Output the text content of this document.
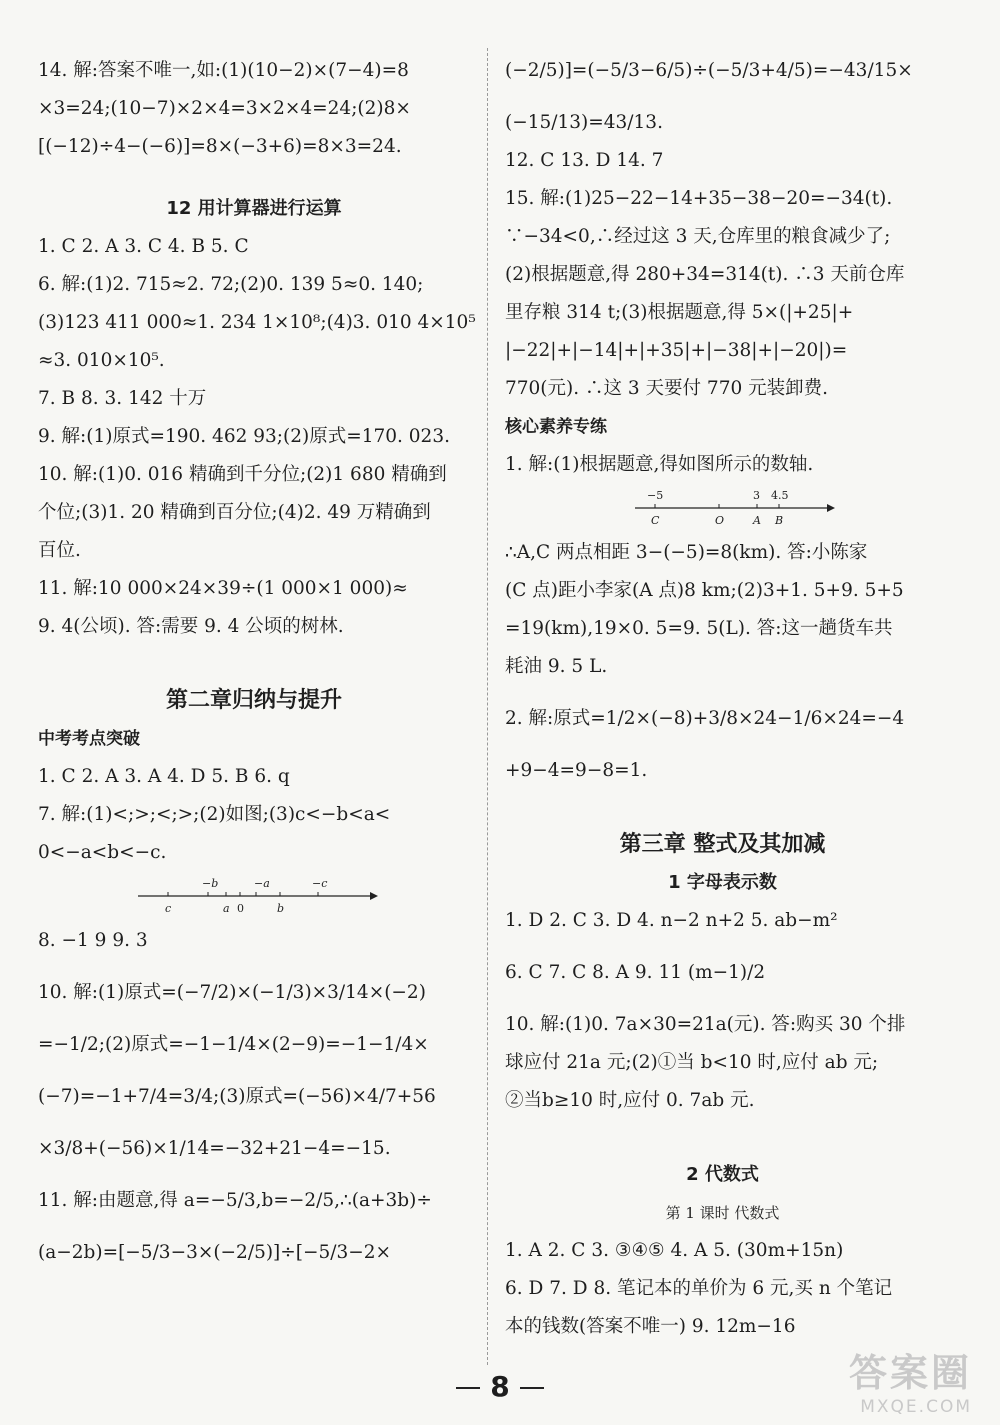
14. 解:答案不唯一,如:(1)(10−2)×(7−4)=8
×3=24;(10−7)×2×4=3×2×4=24;(2)8×
[(−12)÷4−(−6)]=8×(−3+6)=8×3=24.
12 用计算器进行运算
1. C 2. A 3. C 4. B 5. C
6. 解:(1)2. 715≈2. 72;(2)0. 139 5≈0. 140;
(3)123 411 000≈1. 234 1×10⁸;(4)3. 010 4×10⁵
≈3. 010×10⁵.
7. B 8. 3. 142 十万
9. 解:(1)原式=190. 462 93;(2)原式=170. 023.
10. 解:(1)0. 016 精确到千分位;(2)1 680 精确到
个位;(3)1. 20 精确到百分位;(4)2. 49 万精确到
百位.
11. 解:10 000×24×39÷(1 000×1 000)≈
9. 4(公顷). 答:需要 9. 4 公顷的树林.
第二章归纳与提升
中考考点突破
1. C 2. A 3. A 4. D 5. B 6. q
7. 解:(1)<;>;<;>;(2)如图;(3)c<−b<a<
0<−a<b<−c.
−b	−a	−c
c	a 0	b
8. −1 9 9. 3
10. 解:(1)原式=(−7/2)×(−1/3)×3/14×(−2)
=−1/2;(2)原式=−1−1/4×(2−9)=−1−1/4×
(−7)=−1+7/4=3/4;(3)原式=(−56)×4/7+56
×3/8+(−56)×1/14=−32+21−4=−15.
11. 解:由题意,得 a=−5/3,b=−2/5,∴(a+3b)÷
(a−2b)=[−5/3−3×(−2/5)]÷[−5/3−2×
(−2/5)]=(−5/3−6/5)÷(−5/3+4/5)=−43/15×
(−15/13)=43/13.
12. C 13. D 14. 7
15. 解:(1)25−22−14+35−38−20=−34(t).
∵−34<0,∴经过这 3 天,仓库里的粮食减少了;
(2)根据题意,得 280+34=314(t). ∴3 天前仓库
里存粮 314 t;(3)根据题意,得 5×(|+25|+
|−22|+|−14|+|+35|+|−38|+|−20|)=
770(元). ∴这 3 天要付 770 元装卸费.
核心素养专练
1. 解:(1)根据题意,得如图所示的数轴.
−5	3 4.5
C	O	A B
∴A,C 两点相距 3−(−5)=8(km). 答:小陈家
(C 点)距小李家(A 点)8 km;(2)3+1. 5+9. 5+5
=19(km),19×0. 5=9. 5(L). 答:这一趟货车共
耗油 9. 5 L.
2. 解:原式=1/2×(−8)+3/8×24−1/6×24=−4
+9−4=9−8=1.
第三章 整式及其加减
1 字母表示数
1. D 2. C 3. D 4. n−2 n+2 5. ab−m²
6. C 7. C 8. A 9. 11 (m−1)/2
10. 解:(1)0. 7a×30=21a(元). 答:购买 30 个排
球应付 21a 元;(2)①当 b<10 时,应付 ab 元;
②当b≥10 时,应付 0. 7ab 元.
2 代数式
第 1 课时 代数式
1. A 2. C 3. ③④⑤ 4. A 5. (30m+15n)
6. D 7. D 8. 笔记本的单价为 6 元,买 n 个笔记
本的钱数(答案不唯一) 9. 12m−16
8	答案圈
MXQE.COM
